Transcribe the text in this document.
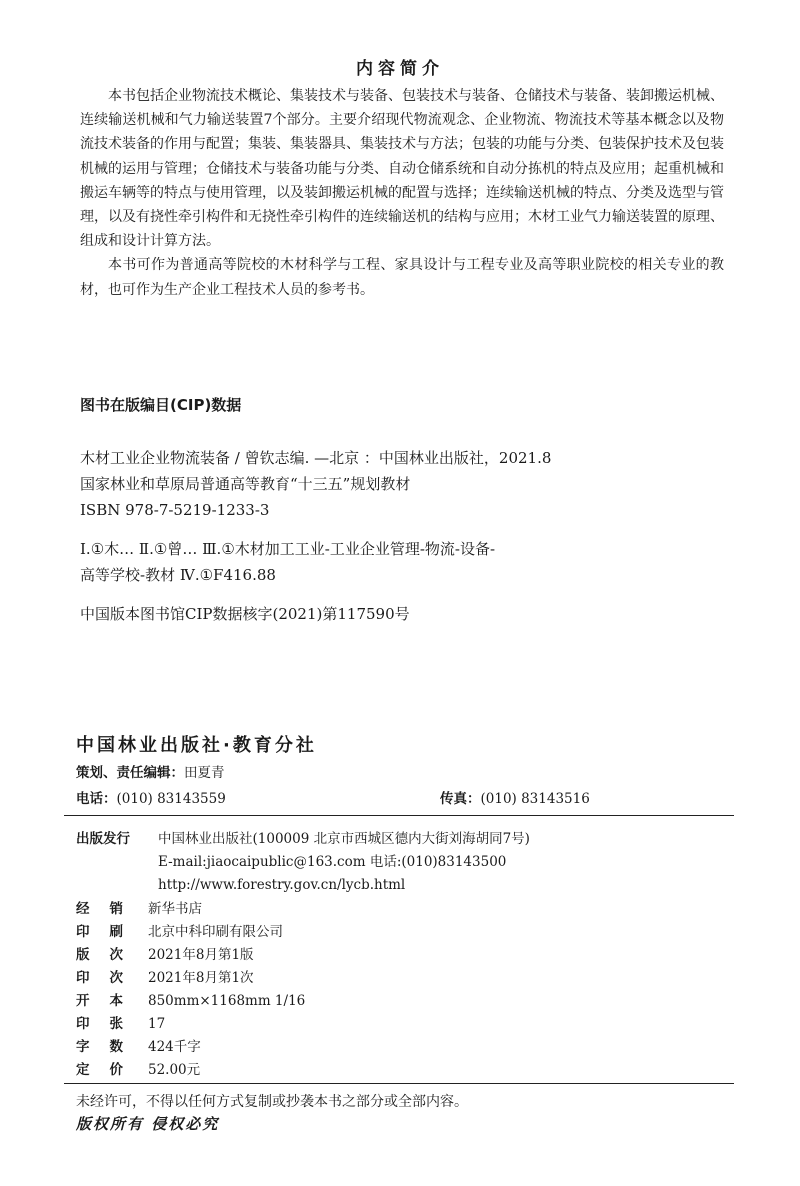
内容简介

本书包括企业物流技术概论、集装技术与装备、包装技术与装备、仓储技术与装备、装卸搬运机械、连续输送机械和气力输送装置7个部分。主要介绍现代物流观念、企业物流、物流技术等基本概念以及物流技术装备的作用与配置；集装、集装器具、集装技术与方法；包装的功能与分类、包装保护技术及包装机械的运用与管理；仓储技术与装备功能与分类、自动仓储系统和自动分拣机的特点及应用；起重机械和搬运车辆等的特点与使用管理，以及装卸搬运机械的配置与选择；连续输送机械的特点、分类及选型与管理，以及有挠性牵引构件和无挠性牵引构件的连续输送机的结构与应用；木材工业气力输送装置的原理、组成和设计计算方法。

本书可作为普通高等院校的木材科学与工程、家具设计与工程专业及高等职业院校的相关专业的教材，也可作为生产企业工程技术人员的参考书。

图书在版编目(CIP)数据
木材工业企业物流装备 / 曾钦志编. —北京 ：中国林业出版社，2021.8
国家林业和草原局普通高等教育“十三五”规划教材
ISBN 978-7-5219-1233-3
Ⅰ.①木… Ⅱ.①曾… Ⅲ.①木材加工工业-工业企业管理-物流-设备-
高等学校-教材 Ⅳ.①F416.88
中国版本图书馆CIP数据核字(2021)第117590号
中国林业出版社·教育分社
策划、责任编辑：田夏青
电话：(010) 83143559	传真：(010) 83143516
出版发行 中国林业出版社(100009 北京市西城区德内大街刘海胡同7号)
E-mail:jiaocaipublic@163.com 电话:(010)83143500
http://www.forestry.gov.cn/lycb.html
经销 新华书店
印刷 北京中科印刷有限公司
版次 2021年8月第1版
印次 2021年8月第1次
开本 850mm×1168mm 1/16
印张 17
字数 424千字
定价 52.00元
未经许可，不得以任何方式复制或抄袭本书之部分或全部内容。
版权所有 侵权必究
